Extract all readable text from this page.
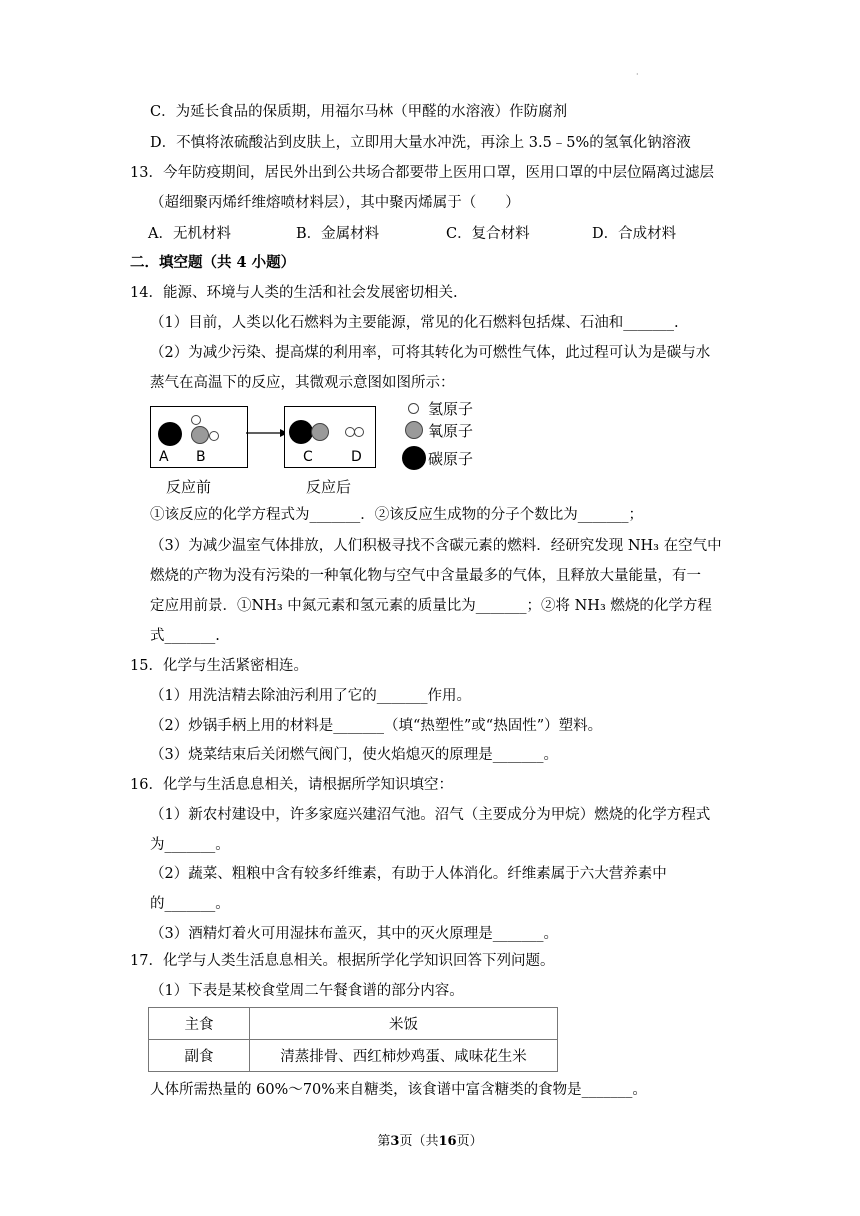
·
C．为延长食品的保质期，用福尔马林（甲醛的水溶液）作防腐剂
D．不慎将浓硫酸沾到皮肤上，立即用大量水冲洗，再涂上 3.5﹣5%的氢氧化钠溶液
13．今年防疫期间，居民外出到公共场合都要带上医用口罩，医用口罩的中层位隔离过滤层
（超细聚丙烯纤维熔喷材料层），其中聚丙烯属于（　　）
A．无机材料	B．金属材料	C．复合材料	D．合成材料
二．填空题（共 4 小题）
14．能源、环境与人类的生活和社会发展密切相关.
（1）目前，人类以化石燃料为主要能源，常见的化石燃料包括煤、石油和_______.
（2）为减少污染、提高煤的利用率，可将其转化为可燃性气体，此过程可认为是碳与水
蒸气在高温下的反应，其微观示意图如图所示：
A B	C	D
反应前	反应后
氢原子
氧原子
碳原子
①该反应的化学方程式为_______．②该反应生成物的分子个数比为_______；
（3）为减少温室气体排放，人们积极寻找不含碳元素的燃料．经研究发现 NH₃ 在空气中
燃烧的产物为没有污染的一种氧化物与空气中含量最多的气体，且释放大量能量，有一
定应用前景．①NH₃ 中氮元素和氢元素的质量比为_______；②将 NH₃ 燃烧的化学方程
式_______.
15．化学与生活紧密相连。
（1）用洗洁精去除油污利用了它的_______作用。
（2）炒锅手柄上用的材料是_______（填“热塑性”或“热固性”）塑料。
（3）烧菜结束后关闭燃气阀门，使火焰熄灭的原理是_______。
16．化学与生活息息相关，请根据所学知识填空：
（1）新农村建设中，许多家庭兴建沼气池。沼气（主要成分为甲烷）燃烧的化学方程式
为_______。
（2）蔬菜、粗粮中含有较多纤维素，有助于人体消化。纤维素属于六大营养素中
的_______。
（3）酒精灯着火可用湿抹布盖灭，其中的灭火原理是_______。
17．化学与人类生活息息相关。根据所学化学知识回答下列问题。
（1）下表是某校食堂周二午餐食谱的部分内容。
主食	米饭
副食	清蒸排骨、西红柿炒鸡蛋、咸味花生米
人体所需热量的 60%～70%来自糖类，该食谱中富含糖类的食物是_______。
第3页（共16页）
